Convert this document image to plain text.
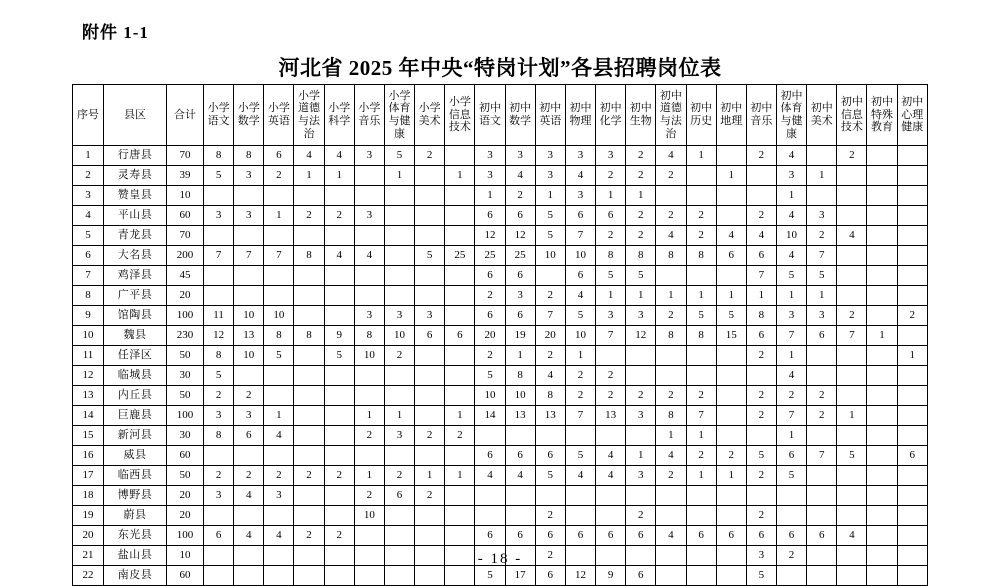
附件 1-1
河北省 2025 年中央“特岗计划”各县招聘岗位表
序号	县区	合计	小学语文	小学数学	小学英语	小学道德与法治	小学科学	小学音乐	小学体育与健康	小学美术	小学信息技术	初中语文	初中数学	初中英语	初中物理	初中化学	初中生物	初中道德与法治	初中历史	初中地理	初中音乐	初中体育与健康	初中美术	初中信息技术	初中特殊教育	初中心理健康

1	行唐县	70	8	8	6	4	4	3	5	2		3	3	3	3	3	2	4	1		2	4		2		
2	灵寿县	39	5	3	2	1	1		1		1	3	4	3	4	2	2	2		1		3	1			
3	赞皇县	10										1	2	1	3	1	1					1				
4	平山县	60	3	3	1	2	2	3				6	6	5	6	6	2	2	2		2	4	3			
5	青龙县	70										12	12	5	7	2	2	4	2	4	4	10	2	4		
6	大名县	200	7	7	7	8	4	4		5	25	25	25	10	10	8	8	8	8	6	6	4	7			
7	鸡泽县	45										6	6		6	5	5				7	5	5			
8	广平县	20										2	3	2	4	1	1	1	1	1	1	1	1			
9	馆陶县	100	11	10	10			3	3	3		6	6	7	5	3	3	2	5	5	8	3	3	2		2
10	魏县	230	12	13	8	8	9	8	10	6	6	20	19	20	10	7	12	8	8	15	6	7	6	7	1	
11	任泽区	50	8	10	5		5	10	2			2	1	2	1						2	1				1
12	临城县	30	5									5	8	4	2	2						4				
13	内丘县	50	2	2								10	10	8	2	2	2	2	2		2	2	2			
14	巨鹿县	100	3	3	1			1	1		1	14	13	13	7	13	3	8	7		2	7	2	1		
15	新河县	30	8	6	4			2	3	2	2							1	1			1				
16	威县	60										6	6	6	5	4	1	4	2	2	5	6	7	5		6
17	临西县	50	2	2	2	2	2	1	2	1	1	4	4	5	4	4	3	2	1	1	2	5				
18	博野县	20	3	4	3			2	6	2																
19	蔚县	20						10						2			2				2					
20	东光县	100	6	4	4	2	2					6	6	6	6	6	6	4	6	6	6	6	6	4		
21	盐山县	10												2							3	2				
22	南皮县	60										5	17	6	12	9	6				5					
- 18 -
